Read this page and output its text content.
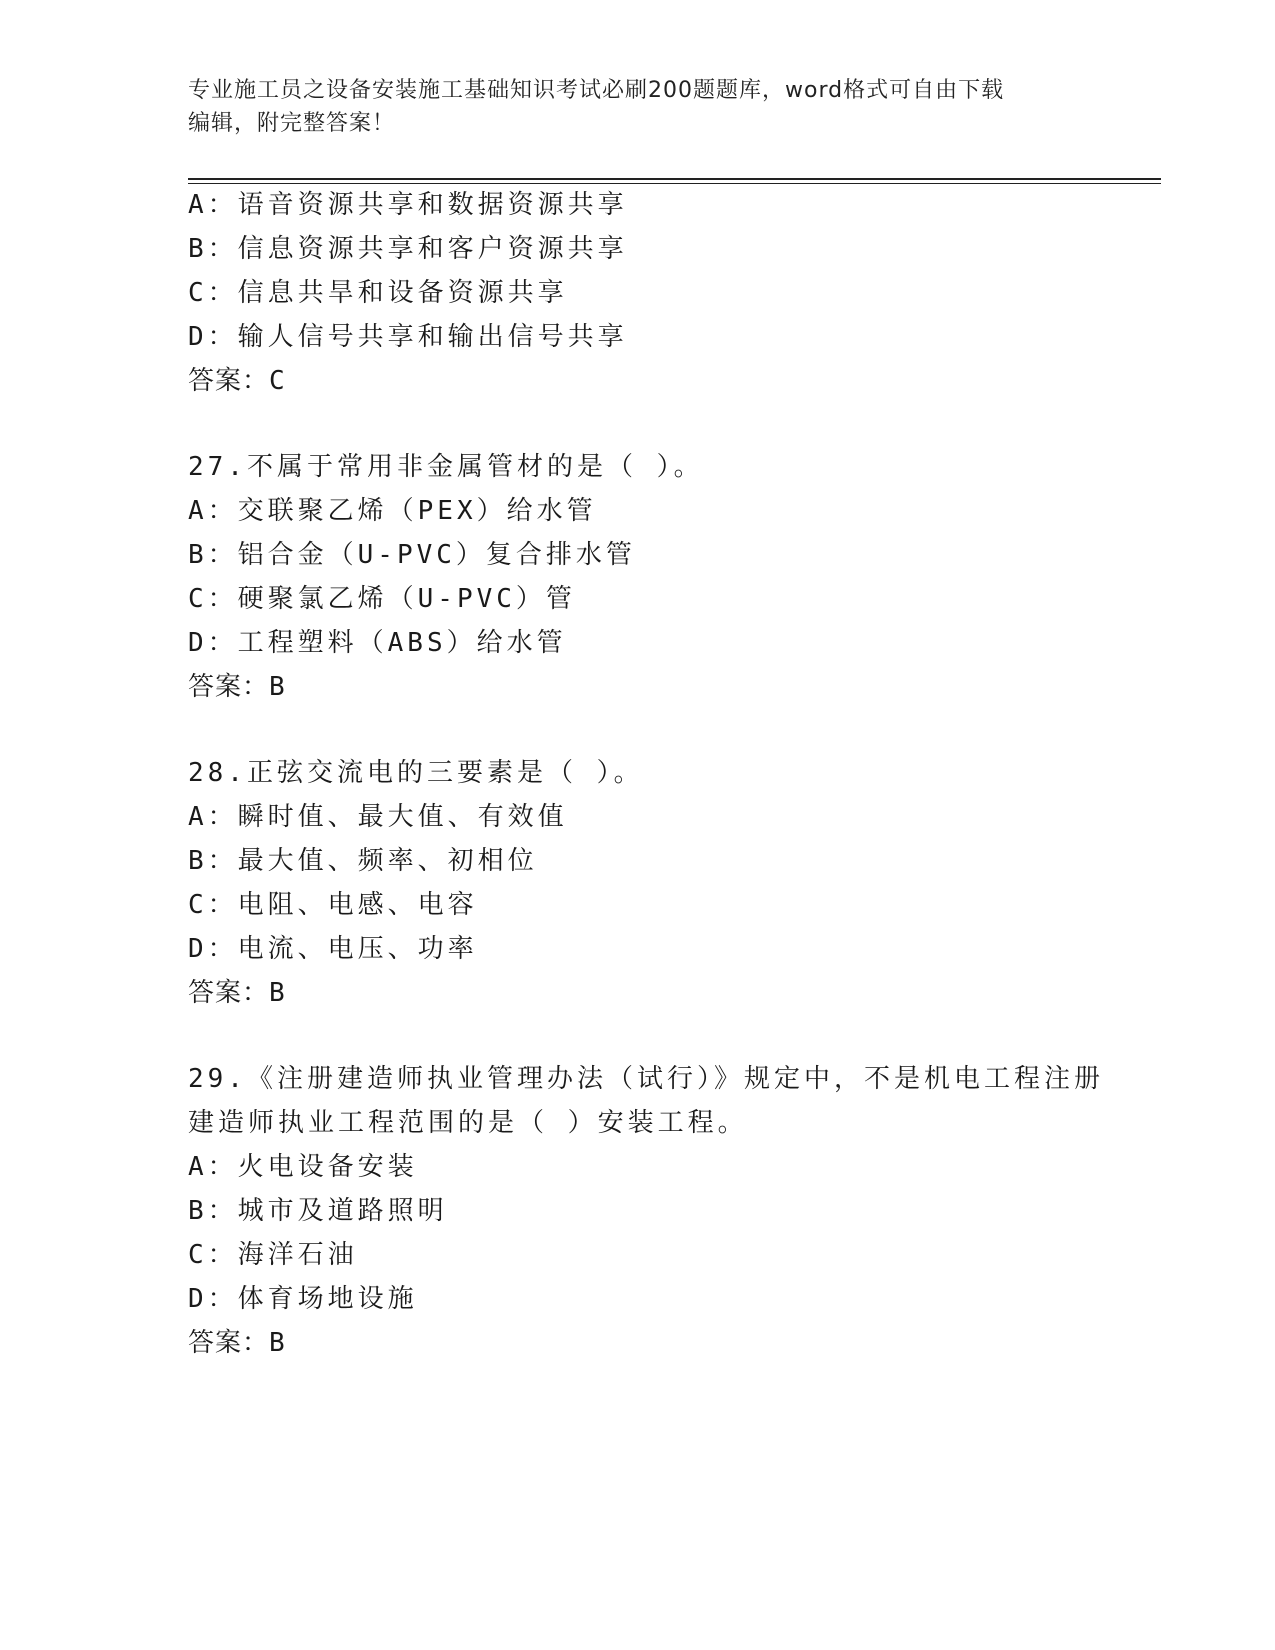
专业施工员之设备安装施工基础知识考试必刷200题题库，word格式可自由下载
编辑，附完整答案！
A：语音资源共享和数据资源共享
B：信息资源共享和客户资源共享
C：信息共旱和设备资源共享
D：输人信号共享和输出信号共享
答案：C
27.不属于常用非金属管材的是（ ）。
A：交联聚乙烯（PEX）给水管
B：铝合金（U-PVC）复合排水管
C：硬聚氯乙烯（U-PVC）管
D：工程塑料（ABS）给水管
答案：B
28.正弦交流电的三要素是（ ）。
A：瞬时值、最大值、有效值
B：最大值、频率、初相位
C：电阻、电感、电容
D：电流、电压、功率
答案：B
29.《注册建造师执业管理办法（试行）》规定中，不是机电工程注册
建造师执业工程范围的是（ ）安装工程。
A：火电设备安装
B：城市及道路照明
C：海洋石油
D：体育场地设施
答案：B
